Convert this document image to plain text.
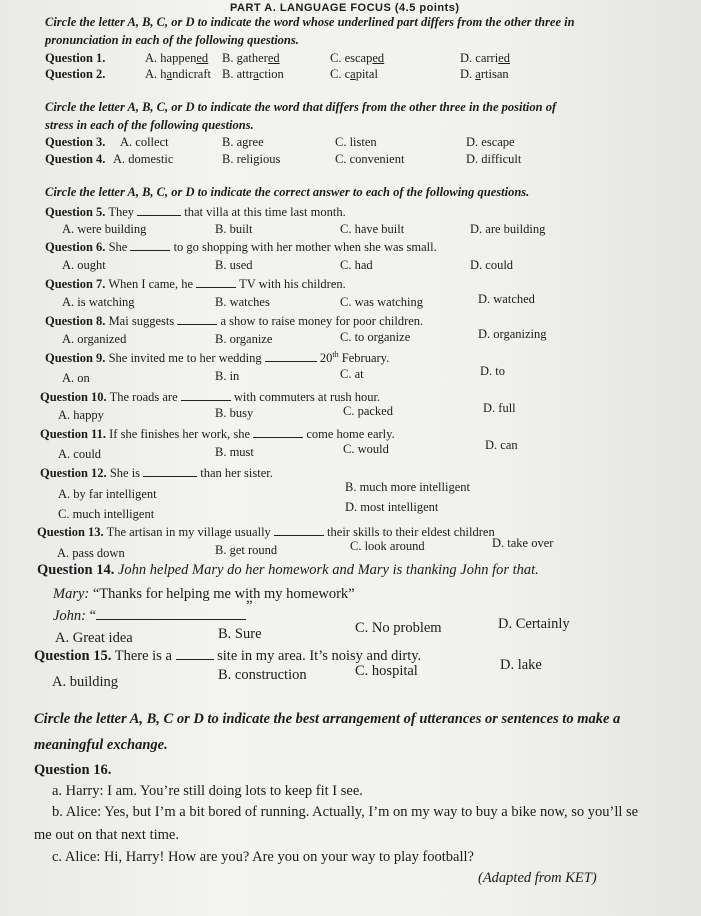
PART A. LANGUAGE FOCUS (4.5 points)
Circle the letter A, B, C, or D to indicate the word whose underlined part differs from the other three in
pronunciation in each of the following questions.
Question 1.	A. happened B. gathered	C. escaped	D. carried
Question 2.	A. handicraft B. attraction	C. capital	D. artisan
Circle the letter A, B, C, or D to indicate the word that differs from the other three in the position of
stress in each of the following questions.
Question 3. A. collect	B. agree	C. listen	D. escape
Question 4. A. domestic	B. religious	C. convenient	D. difficult
Circle the letter A, B, C, or D to indicate the correct answer to each of the following questions.
Question 5. They	that villa at this time last month.
A. were building	B. built	C. have built	D. are building
Question 6. She	to go shopping with her mother when she was small.
A. ought	B. used	C. had	D. could
Question 7. When I came, he	TV with his children.
A. is watching	B. watches	C. was watching	D. watched
Question 8. Mai suggests	a show to raise money for poor children.
A. organized	B. organize	C. to organize	D. organizing
Question 9. She invited me to her wedding	20th February.
A. on	B. in	C. at	D. to
Question 10. The roads are	with commuters at rush hour.
A. happy	B. busy	C. packed	D. full
Question 11. If she finishes her work, she	come home early.
A. could	B. must	C. would	D. can
Question 12. She is	than her sister.
A. by far intelligent	B. much more intelligent
C. much intelligent	D. most intelligent
Question 13. The artisan in my village usually	their skills to their eldest children
A. pass down	B. get round	C. look around	D. take over
Question 14. John helped Mary do her homework and Mary is thanking John for that.
Mary: “Thanks for helping me with my homework”
John: “”
A. Great idea	B. Sure	C. No problem	D. Certainly
Question 15. There is a	site in my area. It’s noisy and dirty.
A. building	B. construction	C. hospital	D. lake
Circle the letter A, B, C or D to indicate the best arrangement of utterances or sentences to make a
meaningful exchange.
Question 16.
a. Harry: I am. You’re still doing lots to keep fit I see.
b. Alice: Yes, but I’m a bit bored of running. Actually, I’m on my way to buy a bike now, so you’ll se
me out on that next time.
c. Alice: Hi, Harry! How are you? Are you on your way to play football?
(Adapted from KET)
